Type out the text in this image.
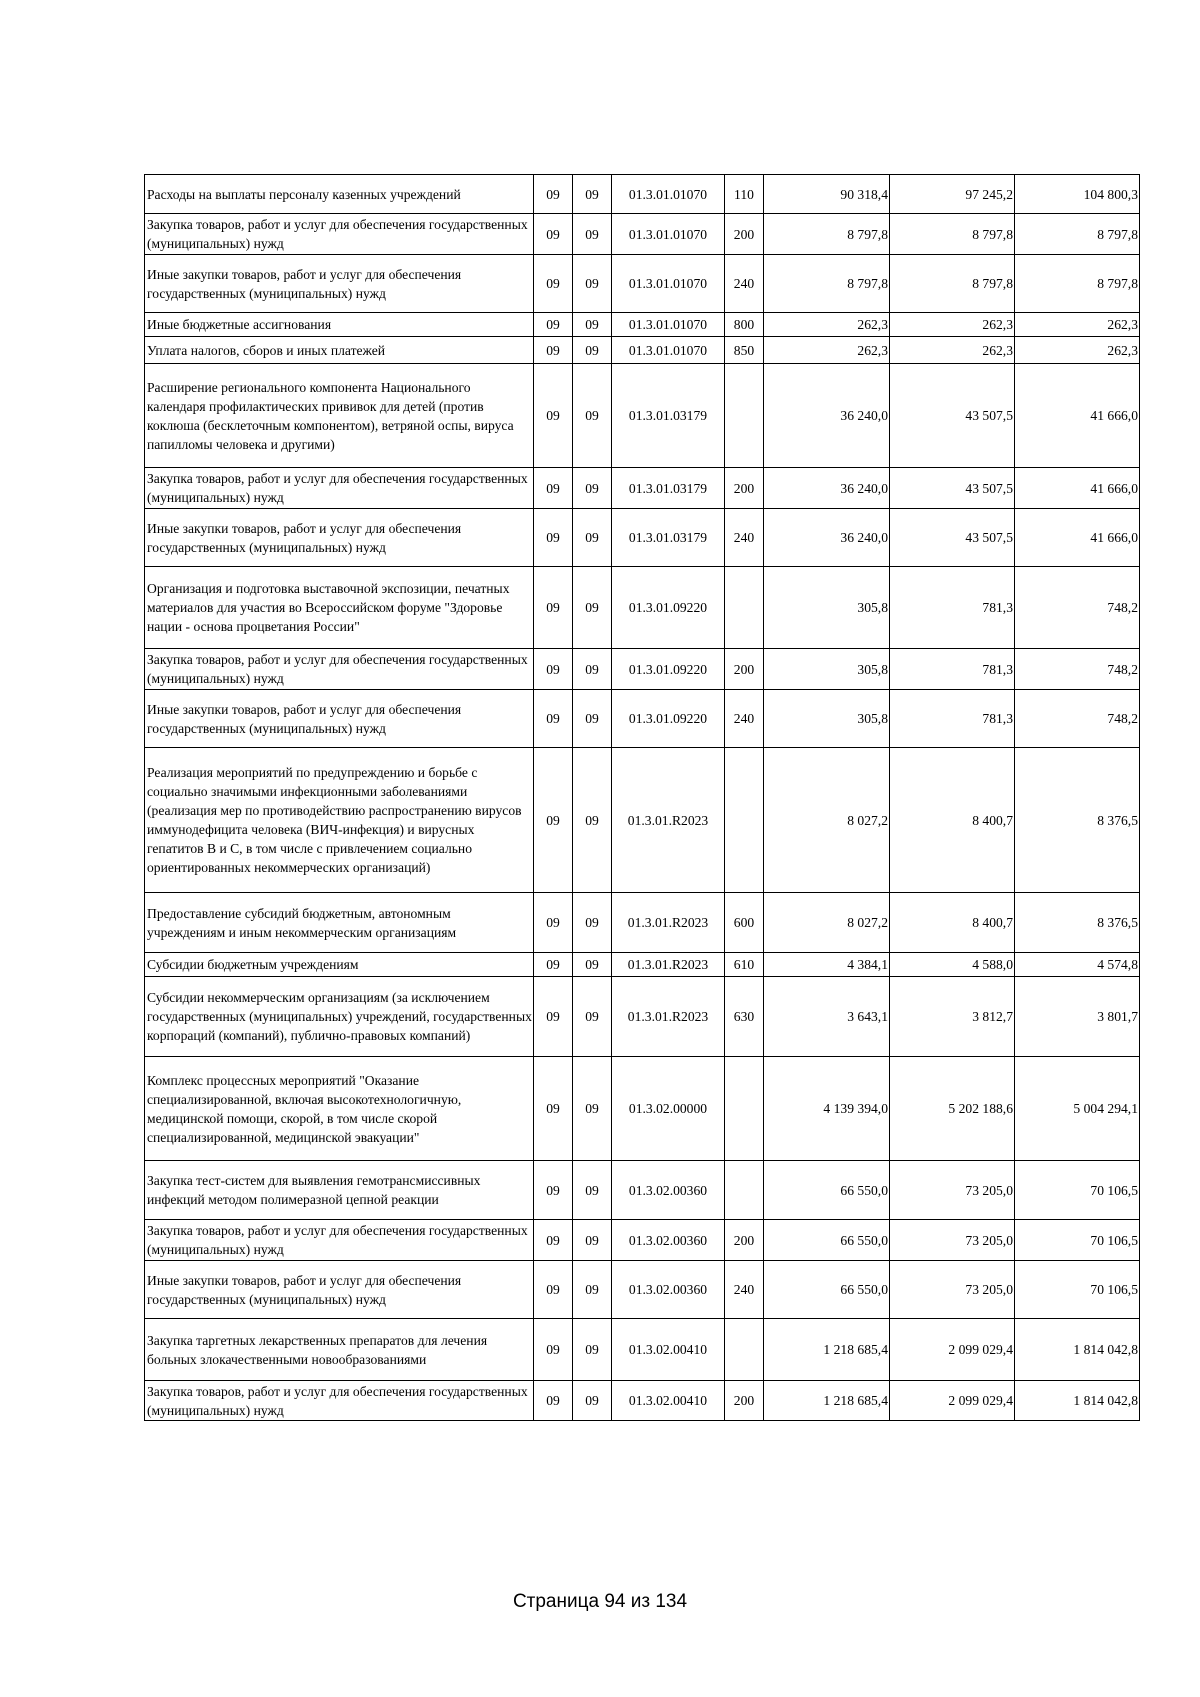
Расходы на выплаты персоналу казенных учреждений	09	09	01.3.01.01070	110	90 318,4	97 245,2	104 800,3
Закупка товаров, работ и услуг для обеспечения государственных (муниципальных) нужд	09	09	01.3.01.01070	200	8 797,8	8 797,8	8 797,8
Иные закупки товаров, работ и услуг для обеспечения государственных (муниципальных) нужд	09	09	01.3.01.01070	240	8 797,8	8 797,8	8 797,8
Иные бюджетные ассигнования	09	09	01.3.01.01070	800	262,3	262,3	262,3
Уплата налогов, сборов и иных платежей	09	09	01.3.01.01070	850	262,3	262,3	262,3
Расширение регионального компонента Национального календаря профилактических прививок для детей (против коклюша (бесклеточным компонентом), ветряной оспы, вируса папилломы человека и другими)	09	09	01.3.01.03179		36 240,0	43 507,5	41 666,0
Закупка товаров, работ и услуг для обеспечения государственных (муниципальных) нужд	09	09	01.3.01.03179	200	36 240,0	43 507,5	41 666,0
Иные закупки товаров, работ и услуг для обеспечения государственных (муниципальных) нужд	09	09	01.3.01.03179	240	36 240,0	43 507,5	41 666,0
Организация и подготовка выставочной экспозиции, печатных материалов для участия во Всероссийском форуме "Здоровье нации - основа процветания России"	09	09	01.3.01.09220		305,8	781,3	748,2
Закупка товаров, работ и услуг для обеспечения государственных (муниципальных) нужд	09	09	01.3.01.09220	200	305,8	781,3	748,2
Иные закупки товаров, работ и услуг для обеспечения государственных (муниципальных) нужд	09	09	01.3.01.09220	240	305,8	781,3	748,2
Реализация мероприятий по предупреждению и борьбе с социально значимыми инфекционными заболеваниями (реализация мер по противодействию распространению вирусов иммунодефицита человека (ВИЧ-инфекция) и вирусных гепатитов B и C, в том числе с привлечением социально ориентированных некоммерческих организаций)	09	09	01.3.01.R2023		8 027,2	8 400,7	8 376,5
Предоставление субсидий бюджетным, автономным учреждениям и иным некоммерческим организациям	09	09	01.3.01.R2023	600	8 027,2	8 400,7	8 376,5
Субсидии бюджетным учреждениям	09	09	01.3.01.R2023	610	4 384,1	4 588,0	4 574,8
Субсидии некоммерческим организациям (за исключением государственных (муниципальных) учреждений, государственных корпораций (компаний), публично-правовых компаний)	09	09	01.3.01.R2023	630	3 643,1	3 812,7	3 801,7
Комплекс процессных мероприятий "Оказание специализированной, включая высокотехнологичную, медицинской помощи, скорой, в том числе скорой специализированной, медицинской эвакуации"	09	09	01.3.02.00000		4 139 394,0	5 202 188,6	5 004 294,1
Закупка тест-систем для выявления гемотрансмиссивных инфекций методом полимеразной цепной реакции	09	09	01.3.02.00360		66 550,0	73 205,0	70 106,5
Закупка товаров, работ и услуг для обеспечения государственных (муниципальных) нужд	09	09	01.3.02.00360	200	66 550,0	73 205,0	70 106,5
Иные закупки товаров, работ и услуг для обеспечения государственных (муниципальных) нужд	09	09	01.3.02.00360	240	66 550,0	73 205,0	70 106,5
Закупка таргетных лекарственных препаратов для лечения больных злокачественными новообразованиями	09	09	01.3.02.00410		1 218 685,4	2 099 029,4	1 814 042,8
Закупка товаров, работ и услуг для обеспечения государственных (муниципальных) нужд	09	09	01.3.02.00410	200	1 218 685,4	2 099 029,4	1 814 042,8
Страница 94 из 134
